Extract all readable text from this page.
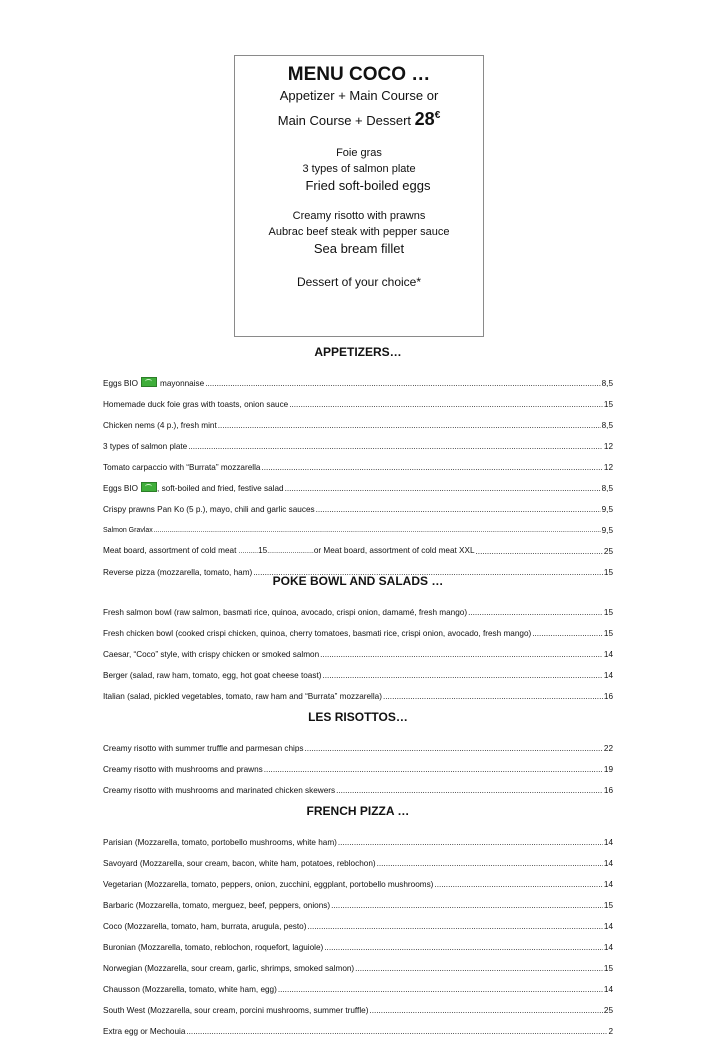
MENU COCO …
Appetizer + Main Course or
Main Course + Dessert 28€
Foie gras
3 types of salmon plate
Fried soft-boiled eggs
Creamy risotto with prawns
Aubrac beef steak with pepper sauce
Sea bream fillet
Dessert of your choice*
APPETIZERS…
Eggs BIO	mayonnaise .....	8,5
Homemade duck foie gras with toasts, onion sauce .....	15
Chicken nems (4 p.), fresh mint .....	8,5
3 types of salmon plate .....	12
Tomato carpaccio with “Burrata” mozzarella .....	12
Eggs BIO , soft-boiled and fried, festive salad .....	8,5
Crispy prawns Pan Ko (5 p.), mayo, chili and garlic sauces .....	9,5
Salmon Gravlax .....	9,5
Meat board, assortment of cold meat ..........15........................or Meat board, assortment of cold meat XXL .....	25
Reverse pizza (mozzarella, tomato, ham) .....	15
POKE BOWL AND SALADS …
Fresh salmon bowl (raw salmon, basmati rice, quinoa, avocado, crispi onion, damamé, fresh mango) .....	15
Fresh chicken bowl (cooked crispi chicken, quinoa, cherry tomatoes, basmati rice, crispi onion, avocado, fresh mango) .....	15
Caesar, “Coco” style, with crispy chicken or smoked salmon .....	14
Berger (salad, raw ham, tomato, egg, hot goat cheese toast) .....	14
Italian (salad, pickled vegetables, tomato, raw ham and “Burrata” mozzarella) .....	16
LES RISOTTOS…
Creamy risotto with summer truffle and parmesan chips .....	22
Creamy risotto with mushrooms and prawns .....	19
Creamy risotto with mushrooms and marinated chicken skewers .....	16
FRENCH PIZZA …
Parisian (Mozzarella, tomato, portobello mushrooms, white ham) .....	14
Savoyard (Mozzarella, sour cream, bacon, white ham, potatoes, reblochon) .....	14
Vegetarian (Mozzarella, tomato, peppers, onion, zucchini, eggplant, portobello mushrooms) .....	14
Barbaric (Mozzarella, tomato, merguez, beef, peppers, onions) .....	15
Coco (Mozzarella, tomato, ham, burrata, arugula, pesto) .....	14
Buronian (Mozzarella, tomato, reblochon, roquefort, laguiole) .....	14
Norwegian (Mozzarella, sour cream, garlic, shrimps, smoked salmon) .....	15
Chausson (Mozzarella, tomato, white ham, egg) .....	14
South West (Mozzarella, sour cream, porcini mushrooms, summer truffle) .....	25
Extra egg or Mechouia .....	2
